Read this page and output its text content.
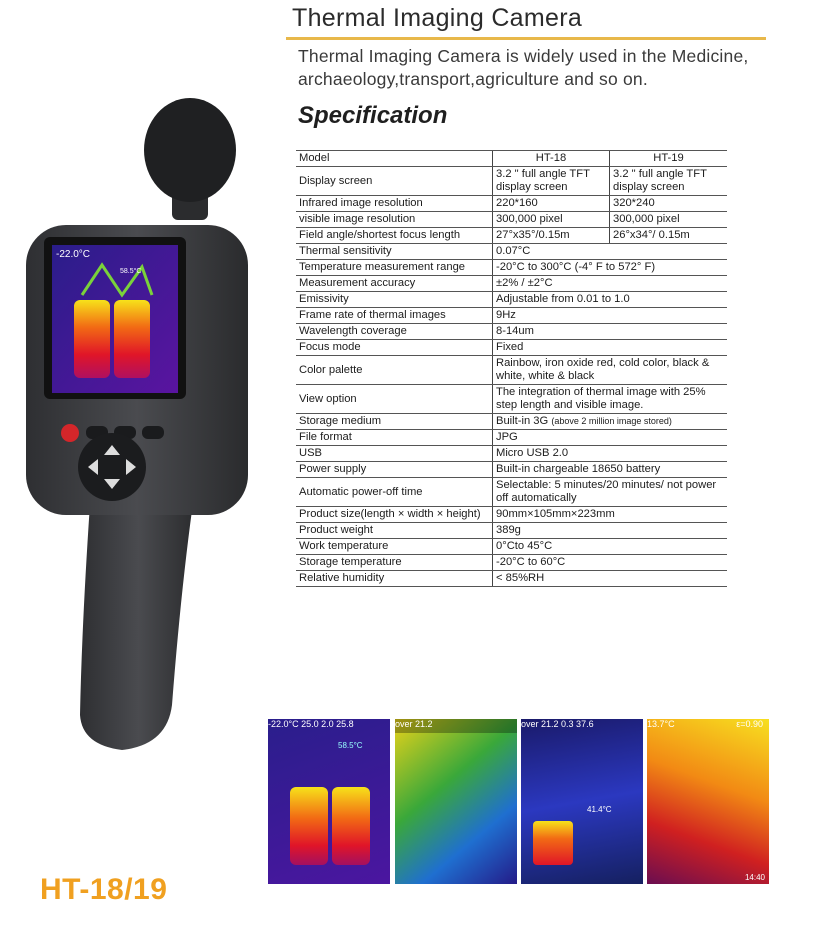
Thermal Imaging Camera
Thermal Imaging Camera is widely used in the Medicine, archaeology,transport,agriculture and so on.
Specification
Model	HT-18	HT-19
Display screen	3.2 " full angle TFT display screen	3.2 " full angle TFT display screen
Infrared image resolution	220*160	320*240
visible image resolution	300,000 pixel	300,000 pixel
Field angle/shortest focus length	27°x35°/0.15m	26°x34°/ 0.15m
Thermal sensitivity	0.07°C	
Temperature measurement range	-20°C to 300°C (-4° F to 572° F)	
Measurement accuracy	±2% / ±2°C	
Emissivity	Adjustable from 0.01 to 1.0	
Frame rate of thermal images	9Hz	
Wavelength coverage	8-14um	
Focus mode	Fixed	
Color palette	Rainbow, iron oxide red, cold color, black & white, white & black	
View option	The integration of thermal image with 25% step length and visible image.	
Storage medium	Built-in 3G (above 2 million image stored)	
File format	JPG	
USB	Micro USB 2.0	
Power supply	Built-in chargeable 18650 battery	
Automatic power-off time	Selectable: 5 minutes/20 minutes/ not power off automatically	
Product size(length × width × height)	90mm×105mm×223mm	
Product weight	389g	
Work temperature	0°Cto 45°C	
Storage temperature	-20°C to 60°C	
Relative humidity	< 85%RH	
-22.0°C
58.5°C
-22.0°C 25.0 2.0 25.8
58.5°C
over 21.2	over 21.2 0.3 37.6
41.4°C
13.7°C	ε=0.90
14:40
HT-18/19
